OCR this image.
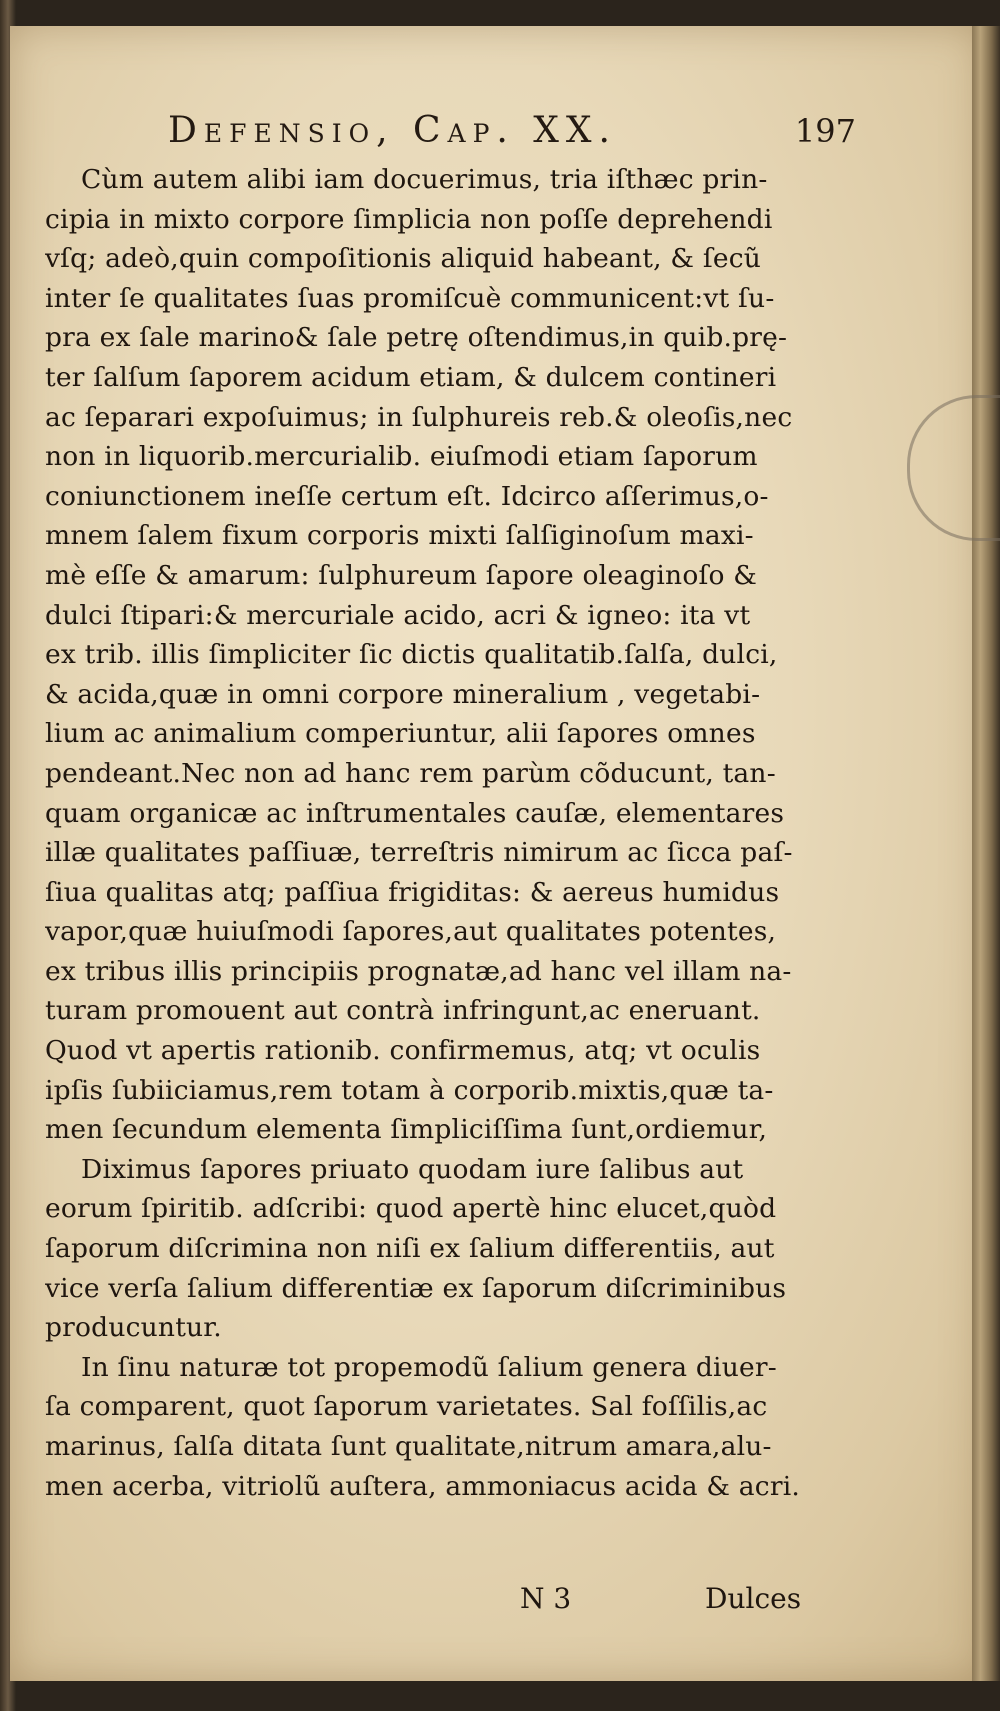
Defensio, Cap. XX.	197
Cùm autem alibi iam docuerimus, tria iſthæc prin-
cipia in mixto corpore ſimplicia non poſſe deprehendi
vſq; adeò,quin compoſitionis aliquid habeant, & ſecũ
inter ſe qualitates ſuas promiſcuè communicent:vt ſu-
pra ex ſale marino& ſale petrę oſtendimus,in quib.prę-
ter ſalſum ſaporem acidum etiam, & dulcem contineri
ac ſeparari expoſuimus; in ſulphureis reb.& oleoſis,nec
non in liquorib.mercurialib. eiuſmodi etiam ſaporum
coniunctionem ineſſe certum eſt. Idcirco aſſerimus,o-
mnem ſalem fixum corporis mixti ſalſiginoſum maxi-
mè eſſe & amarum: ſulphureum ſapore oleaginoſo &
dulci ſtipari:& mercuriale acido, acri & igneo: ita vt
ex trib. illis ſimpliciter ſic dictis qualitatib.ſalſa, dulci,
& acida,quæ in omni corpore mineralium , vegetabi-
lium ac animalium comperiuntur, alii ſapores omnes
pendeant.Nec non ad hanc rem parùm cõducunt, tan-
quam organicæ ac inſtrumentales cauſæ, elementares
illæ qualitates paſſiuæ, terreſtris nimirum ac ſicca paſ-
ſiua qualitas atq; paſſiua frigiditas: & aereus humidus
vapor,quæ huiuſmodi ſapores,aut qualitates potentes,
ex tribus illis principiis prognatæ,ad hanc vel illam na-
turam promouent aut contrà infringunt,ac eneruant.
Quod vt apertis rationib. confirmemus, atq; vt oculis
ipſis ſubiiciamus,rem totam à corporib.mixtis,quæ ta-
men ſecundum elementa ſimpliciſſima ſunt,ordiemur,
Diximus ſapores priuato quodam iure ſalibus aut
eorum ſpiritib. adſcribi: quod apertè hinc elucet,quòd
ſaporum diſcrimina non niſi ex ſalium differentiis, aut
vice verſa ſalium differentiæ ex ſaporum diſcriminibus
producuntur.
In ſinu naturæ tot propemodũ ſalium genera diuer-
ſa comparent, quot ſaporum varietates. Sal foſſilis,ac
marinus, ſalſa ditata ſunt qualitate,nitrum amara,alu-
men acerba, vitriolũ auſtera, ammoniacus acida & acri.
N 3	Dulces
